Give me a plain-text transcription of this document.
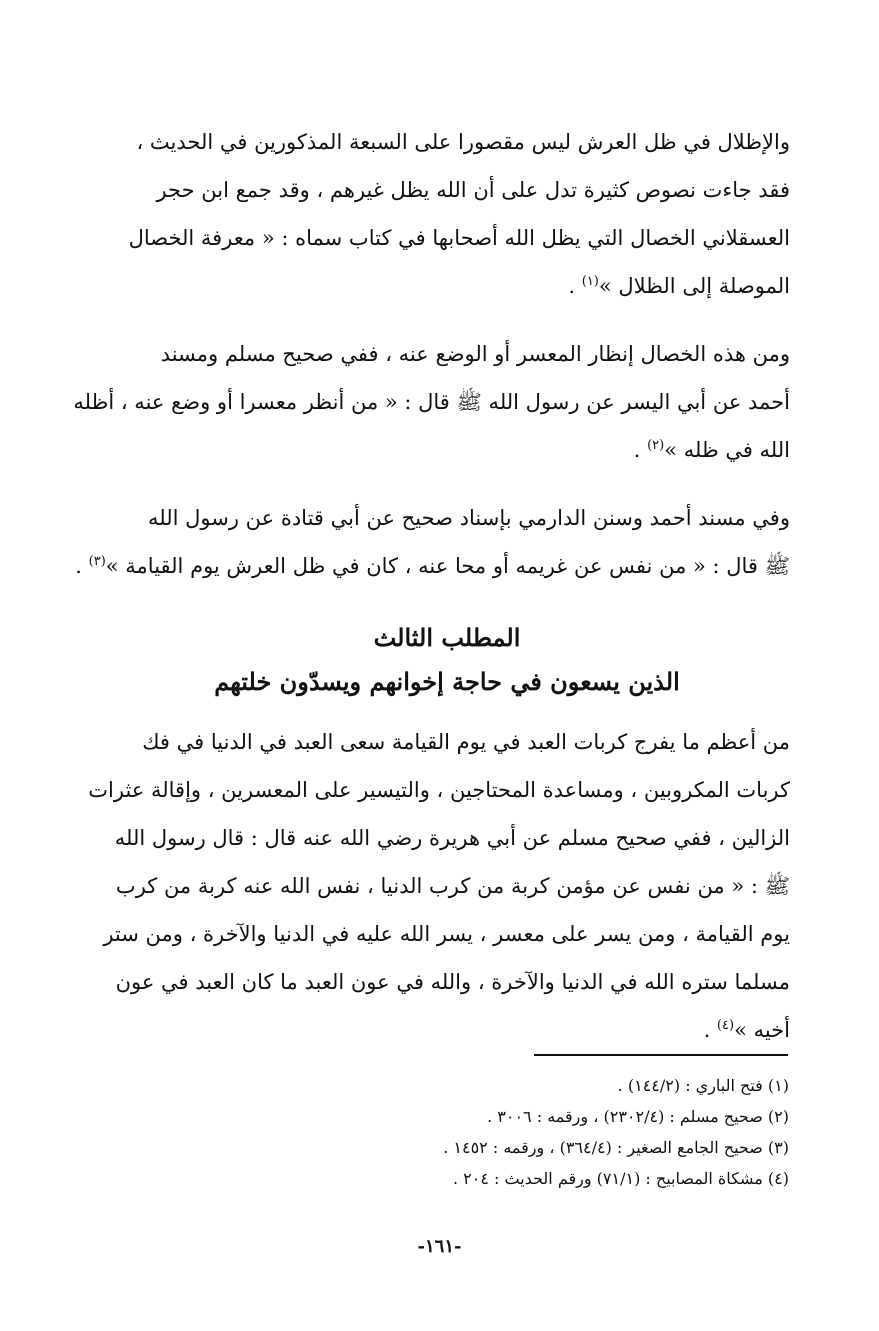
والإظلال في ظل العرش ليس مقصورا على السبعة المذكورين في الحديث ،
فقد جاءت نصوص كثيرة تدل على أن الله يظل غيرهم ، وقد جمع ابن حجر
العسقلاني الخصال التي يظل الله أصحابها في كتاب سماه : « معرفة الخصال
الموصلة إلى الظلال »$^{(١)}$ .

ومن هذه الخصال إنظار المعسر أو الوضع عنه ، ففي صحيح مسلم ومسند
أحمد عن أبي اليسر عن رسول الله ﷺ قال : « من أنظر معسرا أو وضع عنه ، أظله
الله في ظله »$^{(٢)}$ .

وفي مسند أحمد وسنن الدارمي بإسناد صحيح عن أبي قتادة عن رسول الله
ﷺ قال : « من نفس عن غريمه أو محا عنه ، كان في ظل العرش يوم القيامة »$^{(٣)}$ .

المطلب الثالث
الذين يسعون في حاجة إخوانهم ويسدّون خلتهم

من أعظم ما يفرج كربات العبد في يوم القيامة سعى العبد في الدنيا في فك
كربات المكروبين ، ومساعدة المحتاجين ، والتيسير على المعسرين ، وإقالة عثرات
الزالين ، ففي صحيح مسلم عن أبي هريرة رضي الله عنه قال : قال رسول الله
ﷺ : « من نفس عن مؤمن كربة من كرب الدنيا ، نفس الله عنه كربة من كرب
يوم القيامة ، ومن يسر على معسر ، يسر الله عليه في الدنيا والآخرة ، ومن ستر
مسلما ستره الله في الدنيا والآخرة ، والله في عون العبد ما كان العبد في عون
أخيه »$^{(٤)}$ .

(١) فتح الباري : (١٤٤/٢) .
(٢) صحيح مسلم : (٢٣٠٢/٤) ، ورقمه : ٣٠٠٦ .
(٣) صحيح الجامع الصغير : (٣٦٤/٤) ، ورقمه : ١٤٥٢ .
(٤) مشكاة المصابيح : (٧١/١) ورقم الحديث : ٢٠٤ .
-١٦١-
